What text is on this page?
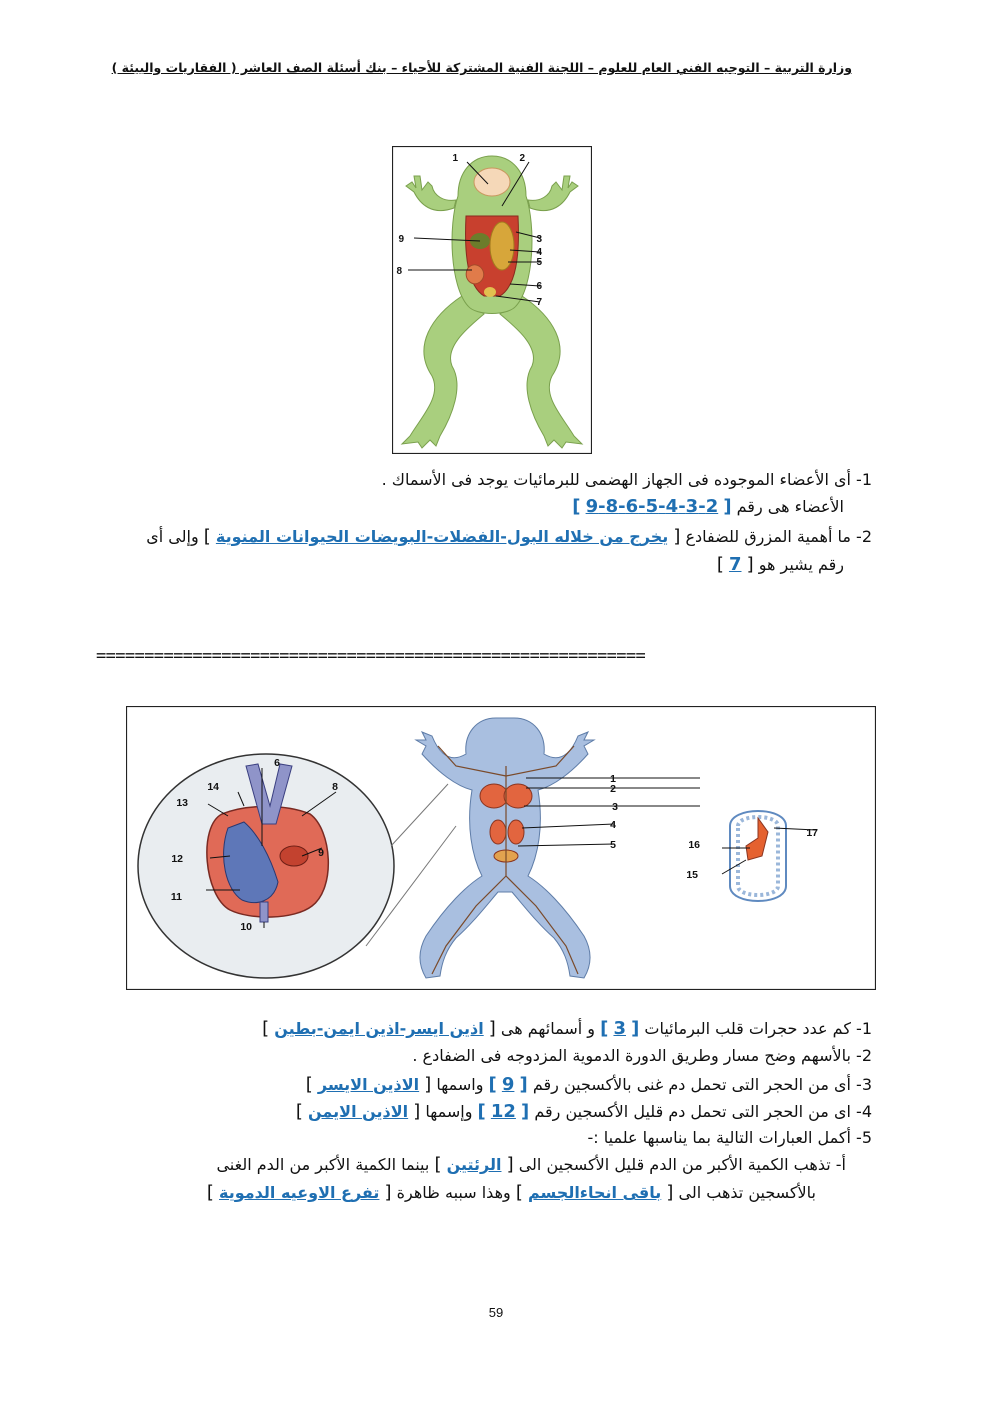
وزارة التربية – التوجيه الفني العام للعلوم – اللجنة الفنية المشتركة للأحياء – بنك أسئلة الصف العاشر ( الفقاريات والبيئة )
1	2
3
4
5
6
7
8
9
1- أى الأعضاء الموجوده فى الجهاز الهضمى للبرمائيات يوجد فى الأسماك .
الأعضاء هى رقم [ 2-3-4-5-6-8-9 ]
2- ما أهمية المزرق للضفادع [ يخرج من خلاله البول-الفضلات-البويضات الحيوانات المنوية ] وإلى أى
رقم يشير هو [ 7 ]
=========================================================
6
8
9
12
11
13
14
10
1
2
3
4
5
17
16
15
1- كم عدد حجرات قلب البرمائيات [ 3 ] و أسمائهم هى [ اذين ايسر-اذين ايمن-بطين ]
2- بالأسهم وضح مسار وطريق الدورة الدموية المزدوجه فى الضفادع .
3- أى من الحجر التى تحمل دم غنى بالأكسجين رقم [ 9 ] واسمها [ الاذين الايسر ]
4- اى من الحجر التى تحمل دم قليل الأكسجين رقم [ 12 ] وإسمها [ الاذين الايمن ]
5- أكمل العبارات التالية بما يناسبها علميا :-
أ- تذهب الكمية الأكبر من الدم قليل الأكسجين الى [ الرئتين ] بينما الكمية الأكبر من الدم الغنى
بالأكسجين تذهب الى [ باقى انحاءالجسم ] وهذا سببه ظاهرة [ تفرع الاوعيه الدموية ]
59
